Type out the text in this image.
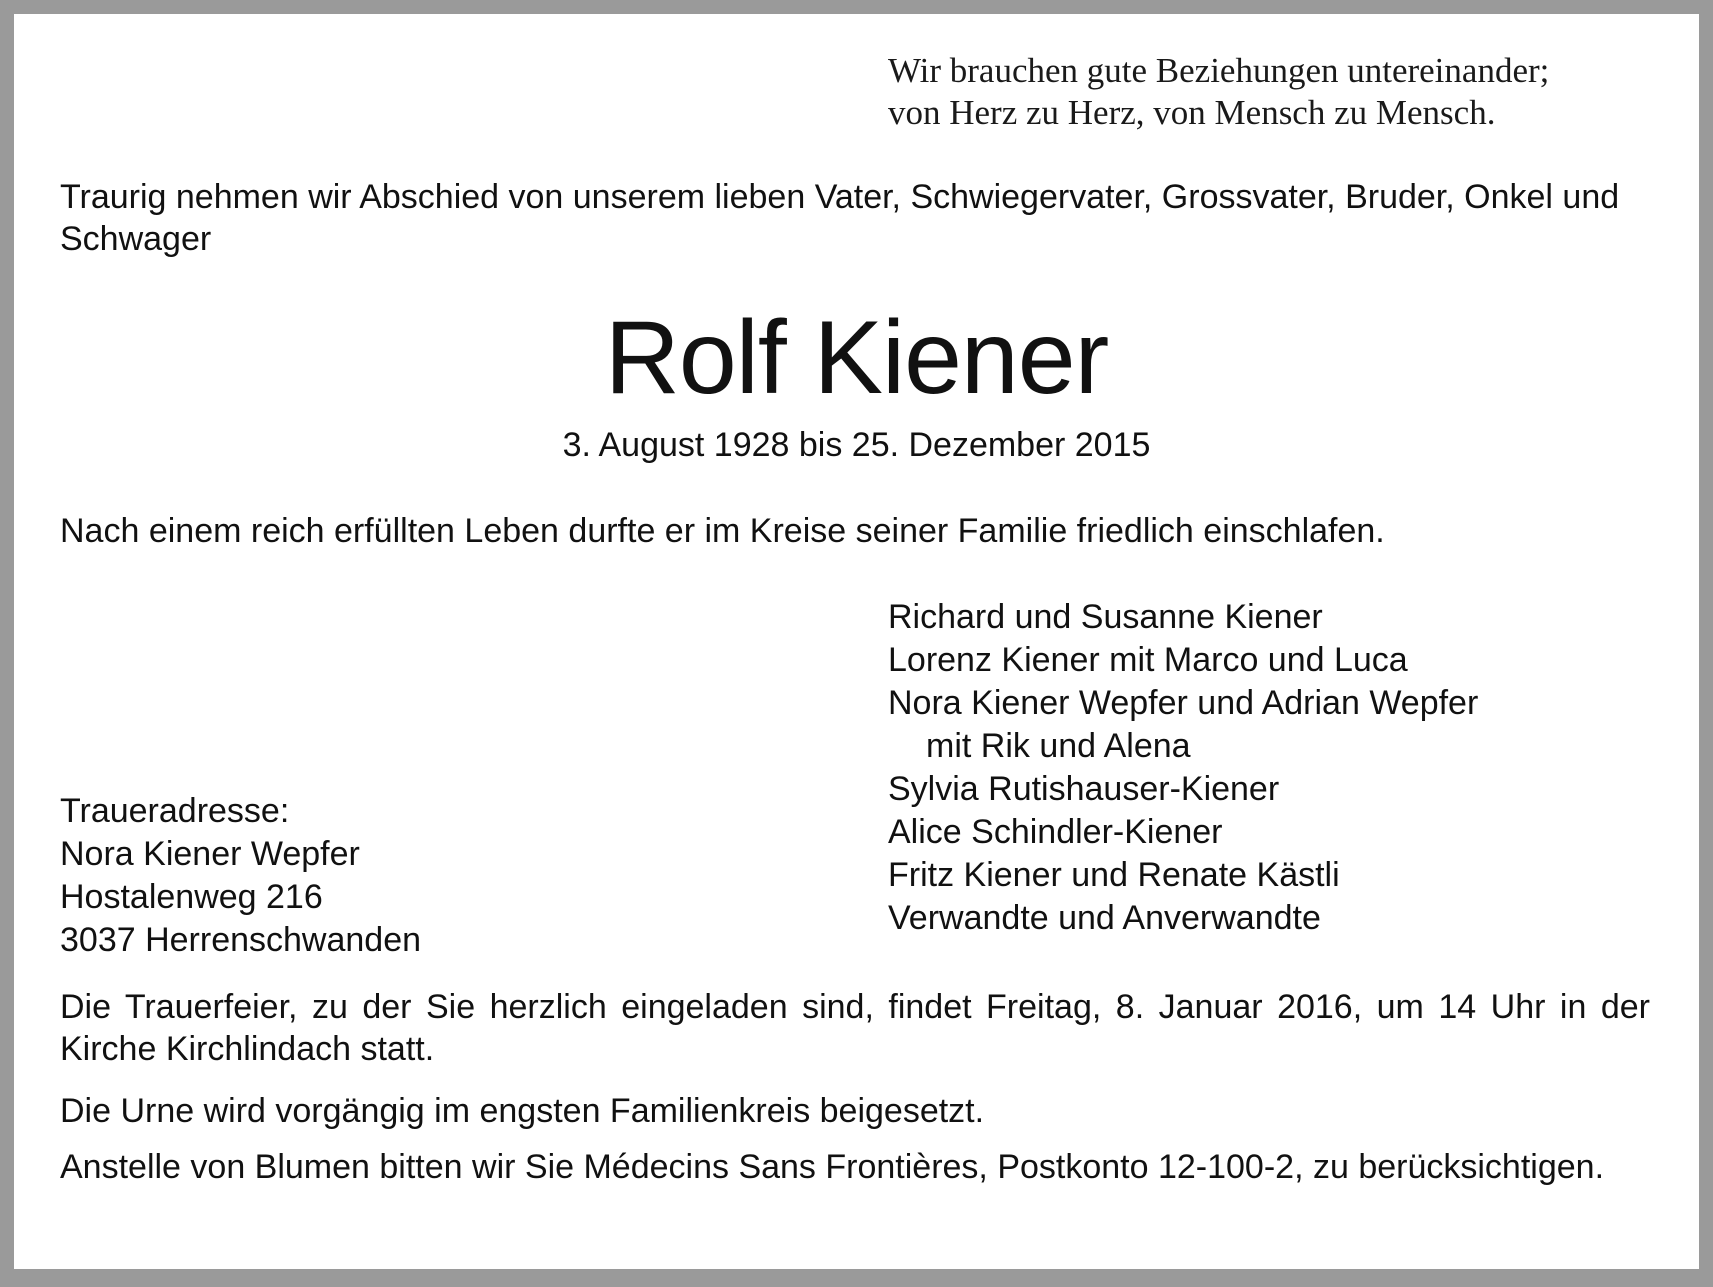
Wir brauchen gute Beziehungen untereinander;
von Herz zu Herz, von Mensch zu Mensch.
Traurig nehmen wir Abschied von unserem lieben Vater, Schwiegervater, Grossvater, Bruder, Onkel und Schwager
Rolf Kiener
3. August 1928 bis 25. Dezember 2015
Nach einem reich erfüllten Leben durfte er im Kreise seiner Familie friedlich einschlafen.
Richard und Susanne Kiener
Lorenz Kiener mit Marco und Luca
Nora Kiener Wepfer und Adrian Wepfer
mit Rik und Alena
Sylvia Rutishauser-Kiener
Alice Schindler-Kiener
Fritz Kiener und Renate Kästli
Verwandte und Anverwandte
Traueradresse:
Nora Kiener Wepfer
Hostalenweg 216
3037 Herrenschwanden
Die Trauerfeier, zu der Sie herzlich eingeladen sind, findet Freitag, 8. Januar 2016, um 14 Uhr in der Kirche Kirchlindach statt.
Die Urne wird vorgängig im engsten Familienkreis beigesetzt.
Anstelle von Blumen bitten wir Sie Médecins Sans Frontières, Postkonto 12-100-2, zu berücksichtigen.
